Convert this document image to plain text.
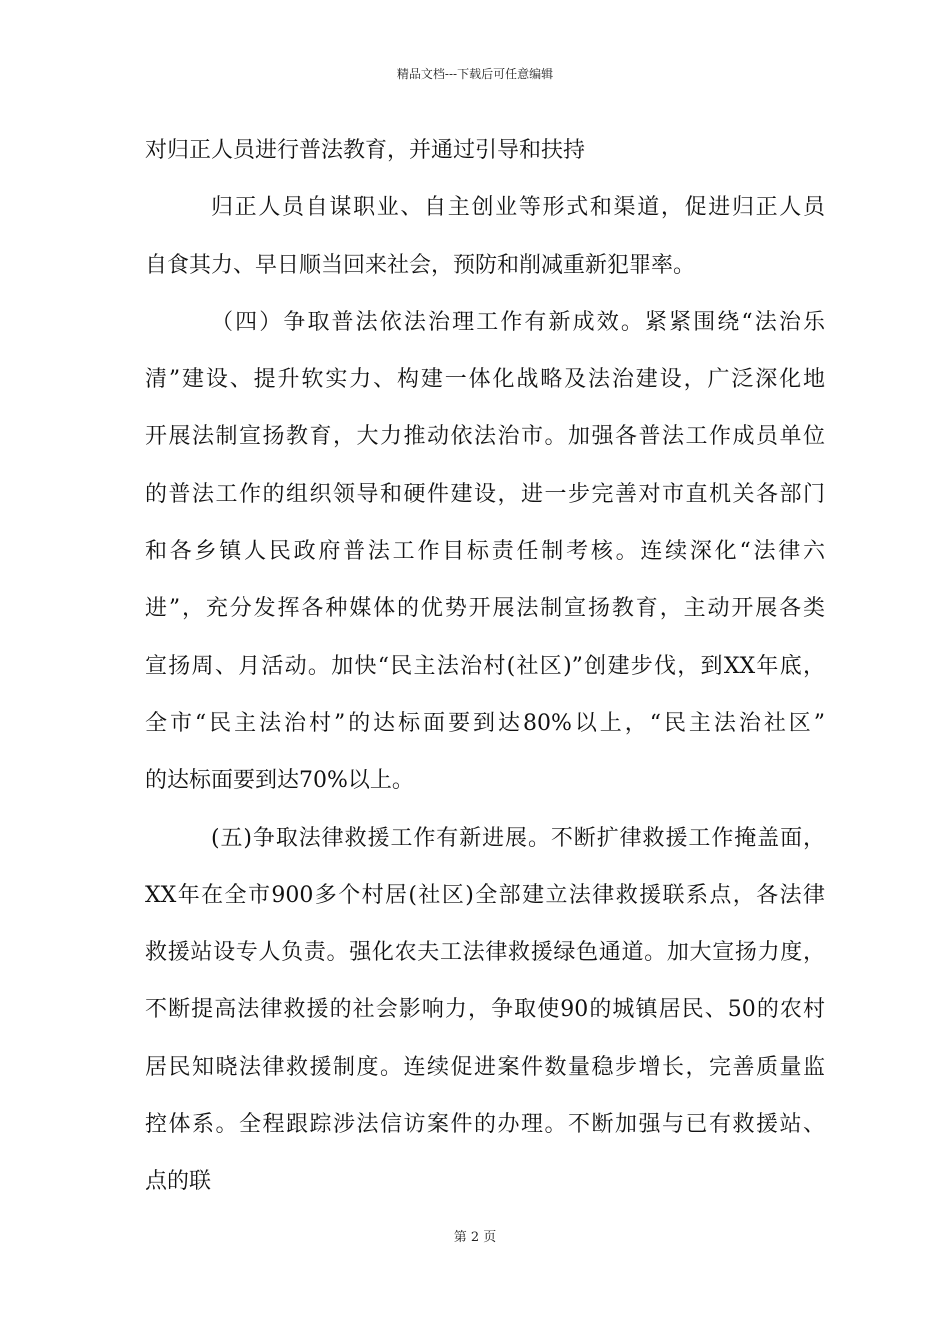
精品文档---下载后可任意编辑
对归正人员进行普法教育，并通过引导和扶持
归正人员自谋职业、自主创业等形式和渠道，促进归正人员
自食其力、早日顺当回来社会，预防和削减重新犯罪率。
（四）争取普法依法治理工作有新成效。紧紧围绕“法治乐
清”建设、提升软实力、构建一体化战略及法治建设，广泛深化地
开展法制宣扬教育，大力推动依法治市。加强各普法工作成员单位
的普法工作的组织领导和硬件建设，进一步完善对市直机关各部门
和各乡镇人民政府普法工作目标责任制考核。连续深化“法律六
进”，充分发挥各种媒体的优势开展法制宣扬教育，主动开展各类
宣扬周、月活动。加快“民主法治村(社区)”创建步伐，到XX年底，
全市“民主法治村”的达标面要到达80%以上，“民主法治社区”
的达标面要到达70%以上。
(五)争取法律救援工作有新进展。不断扩律救援工作掩盖面，
XX年在全市900多个村居(社区)全部建立法律救援联系点，各法律
救援站设专人负责。强化农夫工法律救援绿色通道。加大宣扬力度，
不断提高法律救援的社会影响力，争取使90的城镇居民、50的农村
居民知晓法律救援制度。连续促进案件数量稳步增长，完善质量监
控体系。全程跟踪涉法信访案件的办理。不断加强与已有救援站、
点的联
第 2 页
